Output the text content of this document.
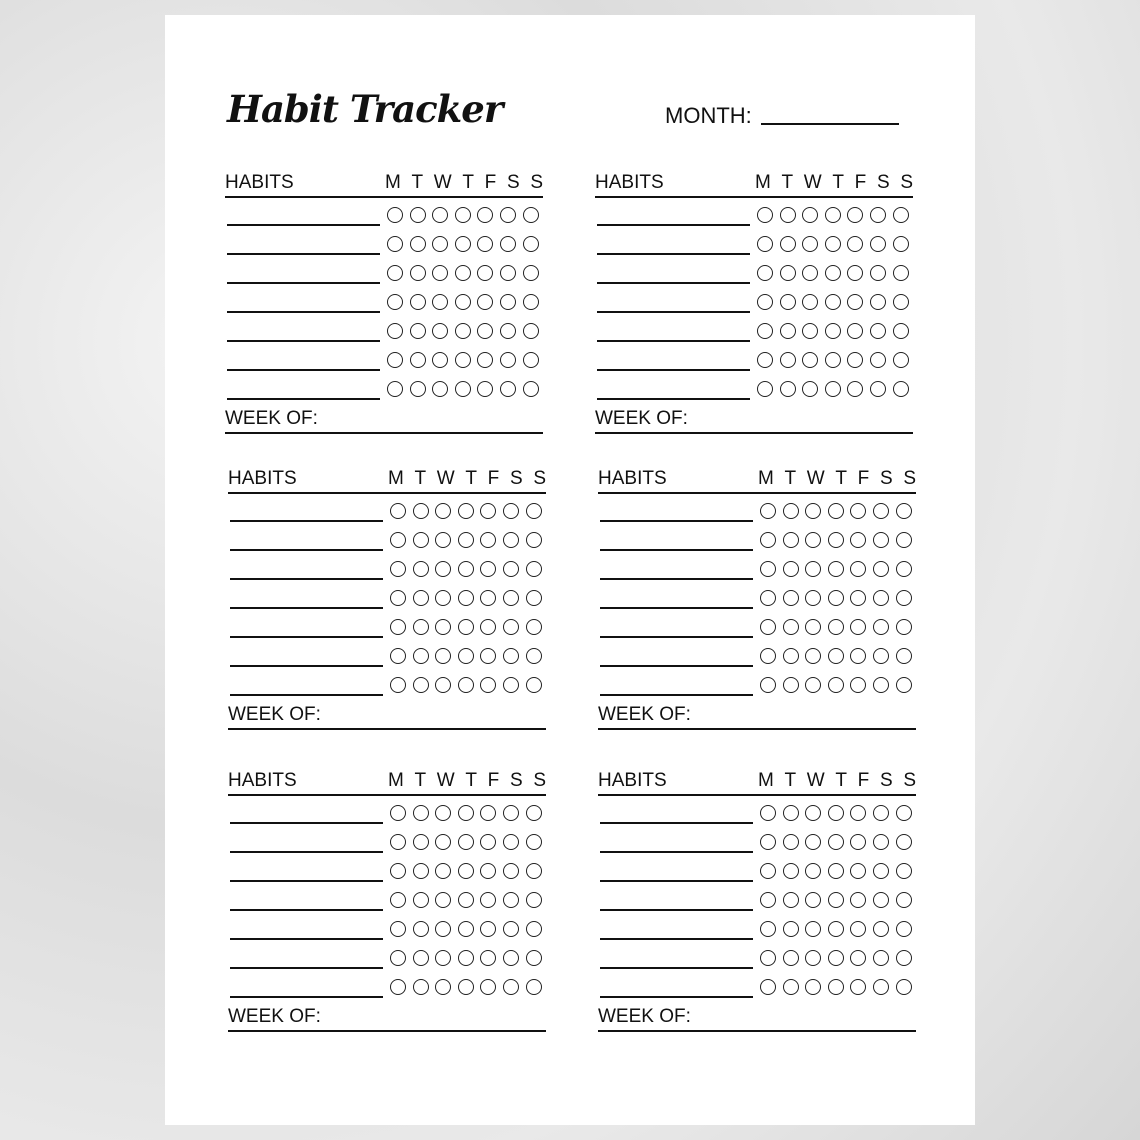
Habit Tracker	MONTH:
HABITS	M T W T F S S
WEEK OF:
HABITS	M T W T F S S
WEEK OF:
HABITS	M T W T F S S
WEEK OF:
HABITS	M T W T F S S
WEEK OF:
HABITS	M T W T F S S
WEEK OF:
HABITS	M T W T F S S
WEEK OF:
